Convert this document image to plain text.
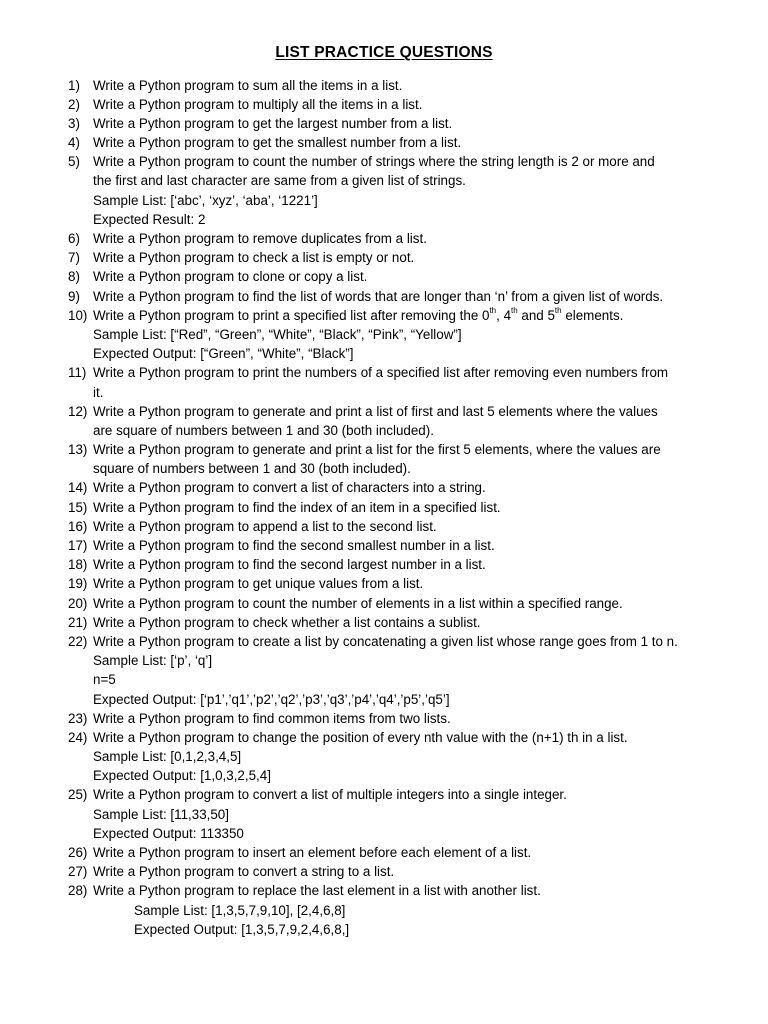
LIST PRACTICE QUESTIONS
1) Write a Python program to sum all the items in a list.
2) Write a Python program to multiply all the items in a list.
3) Write a Python program to get the largest number from a list.
4) Write a Python program to get the smallest number from a list.
5) Write a Python program to count the number of strings where the string length is 2 or more and
the first and last character are same from a given list of strings.
Sample List: [‘abc’, ‘xyz’, ‘aba’, ‘1221’]
Expected Result: 2
6) Write a Python program to remove duplicates from a list.
7) Write a Python program to check a list is empty or not.
8) Write a Python program to clone or copy a list.
9) Write a Python program to find the list of words that are longer than ‘n’ from a given list of words.
10) Write a Python program to print a specified list after removing the 0th, 4th and 5th elements.
Sample List: [“Red”, “Green”, “White”, “Black”, “Pink”, “Yellow”]
Expected Output: [“Green”, “White”, “Black”]
11) Write a Python program to print the numbers of a specified list after removing even numbers from
it.
12) Write a Python program to generate and print a list of first and last 5 elements where the values
are square of numbers between 1 and 30 (both included).
13) Write a Python program to generate and print a list for the first 5 elements, where the values are
square of numbers between 1 and 30 (both included).
14) Write a Python program to convert a list of characters into a string.
15) Write a Python program to find the index of an item in a specified list.
16) Write a Python program to append a list to the second list.
17) Write a Python program to find the second smallest number in a list.
18) Write a Python program to find the second largest number in a list.
19) Write a Python program to get unique values from a list.
20) Write a Python program to count the number of elements in a list within a specified range.
21) Write a Python program to check whether a list contains a sublist.
22) Write a Python program to create a list by concatenating a given list whose range goes from 1 to n.
Sample List: [‘p’, ‘q’]
n=5
Expected Output: [‘p1’,’q1’,’p2’,’q2’,’p3’,’q3’,’p4’,’q4’,’p5’,’q5’]
23) Write a Python program to find common items from two lists.
24) Write a Python program to change the position of every nth value with the (n+1) th in a list.
Sample List: [0,1,2,3,4,5]
Expected Output: [1,0,3,2,5,4]
25) Write a Python program to convert a list of multiple integers into a single integer.
Sample List: [11,33,50]
Expected Output: 113350
26) Write a Python program to insert an element before each element of a list.
27) Write a Python program to convert a string to a list.
28) Write a Python program to replace the last element in a list with another list.
Sample List: [1,3,5,7,9,10], [2,4,6,8]
Expected Output: [1,3,5,7,9,2,4,6,8,]
